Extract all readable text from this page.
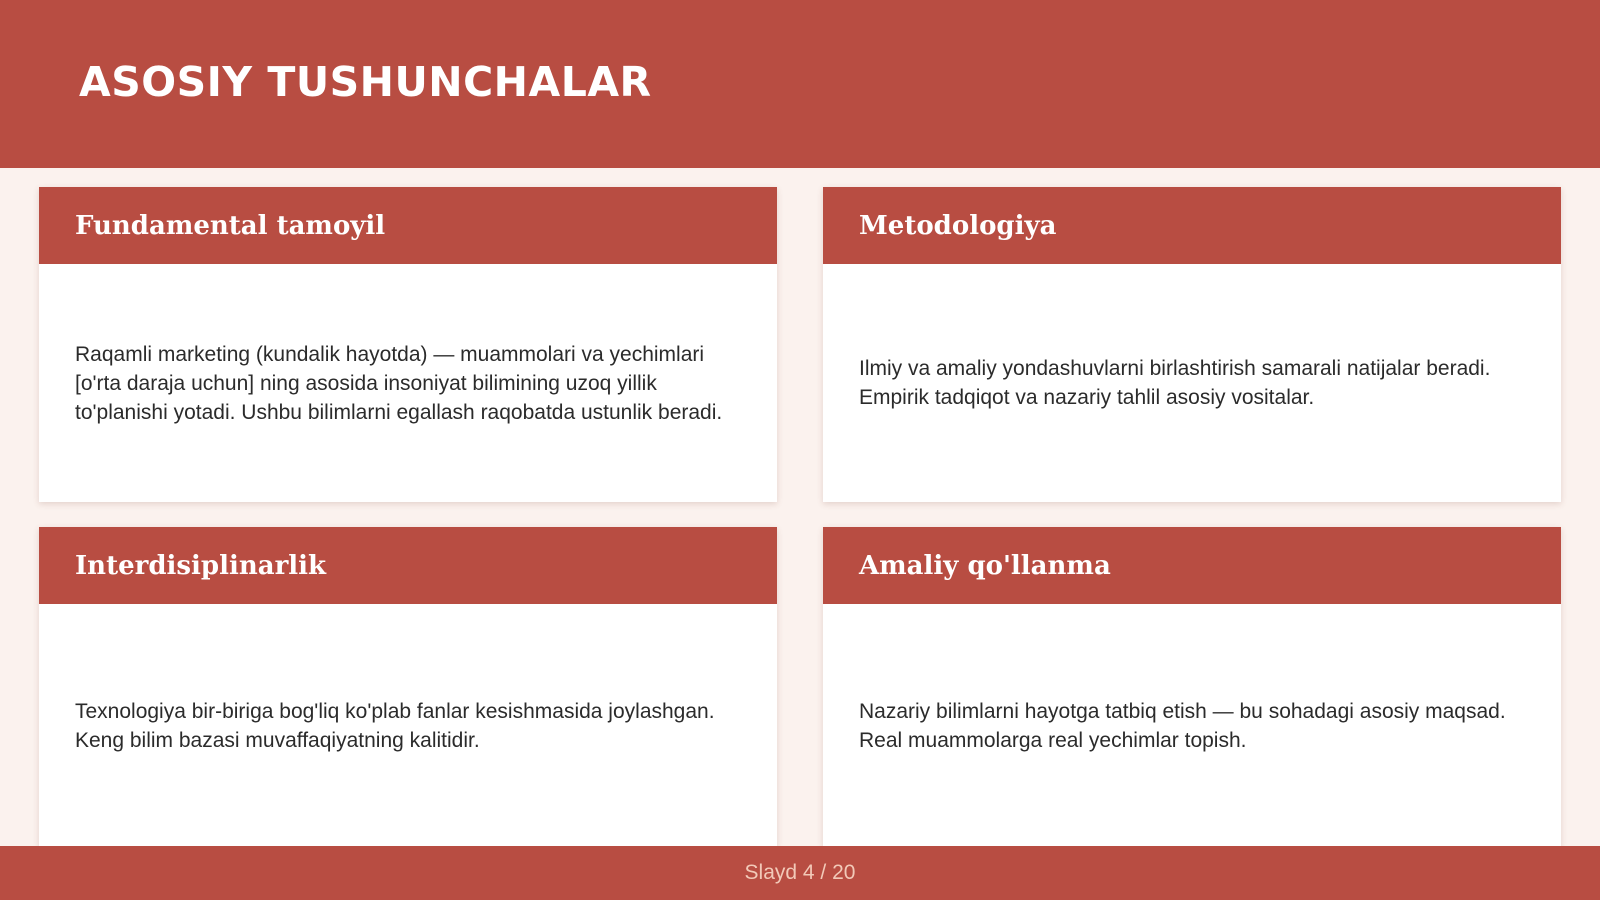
ASOSIY TUSHUNCHALAR
Fundamental tamoyil

Raqamli marketing (kundalik hayotda) — muammolari va yechimlari [o'rta daraja uchun] ning asosida insoniyat bilimining uzoq yillik to'planishi yotadi. Ushbu bilimlarni egallash raqobatda ustunlik beradi.

Metodologiya

Ilmiy va amaliy yondashuvlarni birlashtirish samarali natijalar beradi. Empirik tadqiqot va nazariy tahlil asosiy vositalar.

Interdisiplinarlik

Texnologiya bir-biriga bog'liq ko'plab fanlar kesishmasida joylashgan. Keng bilim bazasi muvaffaqiyatning kalitidir.

Amaliy qo'llanma

Nazariy bilimlarni hayotga tatbiq etish — bu sohadagi asosiy maqsad. Real muammolarga real yechimlar topish.

Slayd 4 / 20
